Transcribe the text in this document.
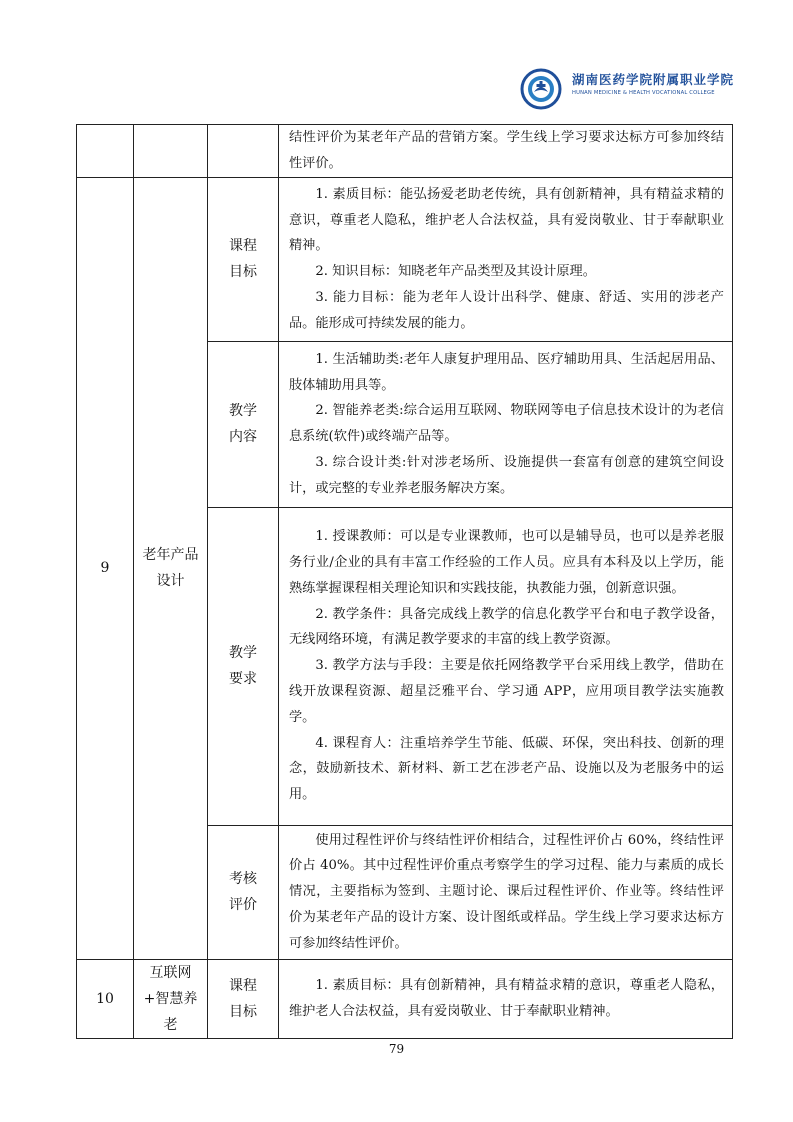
湖南医药学院附属职业学院
HUNAN MEDICINE & HEALTH VOCATIONAL COLLEGE

			结性评价为某老年产品的营销方案。学生线上学习要求达标方可参加终结性评价。

9	老年产品设计	课程目标	1. 素质目标：能弘扬爱老助老传统，具有创新精神，具有精益求精的意识，尊重老人隐私，维护老人合法权益，具有爱岗敬业、甘于奉献职业精神。

2. 知识目标：知晓老年产品类型及其设计原理。

3. 能力目标：能为老年人设计出科学、健康、舒适、实用的涉老产品。能形成可持续发展的能力。

		教学内容	1. 生活辅助类:老年人康复护理用品、医疗辅助用具、生活起居用品、肢体辅助用具等。

2. 智能养老类:综合运用互联网、物联网等电子信息技术设计的为老信息系统(软件)或终端产品等。

3. 综合设计类:针对涉老场所、设施提供一套富有创意的建筑空间设计，或完整的专业养老服务解决方案。

		教学要求	1. 授课教师：可以是专业课教师，也可以是辅导员，也可以是养老服务行业/企业的具有丰富工作经验的工作人员。应具有本科及以上学历，能熟练掌握课程相关理论知识和实践技能，执教能力强，创新意识强。

2. 教学条件：具备完成线上教学的信息化教学平台和电子教学设备，无线网络环境，有满足教学要求的丰富的线上教学资源。

3. 教学方法与手段：主要是依托网络教学平台采用线上教学，借助在线开放课程资源、超星泛雅平台、学习通 APP，应用项目教学法实施教学。

4. 课程育人：注重培养学生节能、低碳、环保，突出科技、创新的理念，鼓励新技术、新材料、新工艺在涉老产品、设施以及为老服务中的运用。

		考核评价	使用过程性评价与终结性评价相结合，过程性评价占 60%，终结性评价占 40%。其中过程性评价重点考察学生的学习过程、能力与素质的成长情况，主要指标为签到、主题讨论、课后过程性评价、作业等。终结性评价为某老年产品的设计方案、设计图纸或样品。学生线上学习要求达标方可参加终结性评价。

10	互联网+智慧养老	课程目标	1. 素质目标：具有创新精神，具有精益求精的意识，尊重老人隐私，维护老人合法权益，具有爱岗敬业、甘于奉献职业精神。

79
